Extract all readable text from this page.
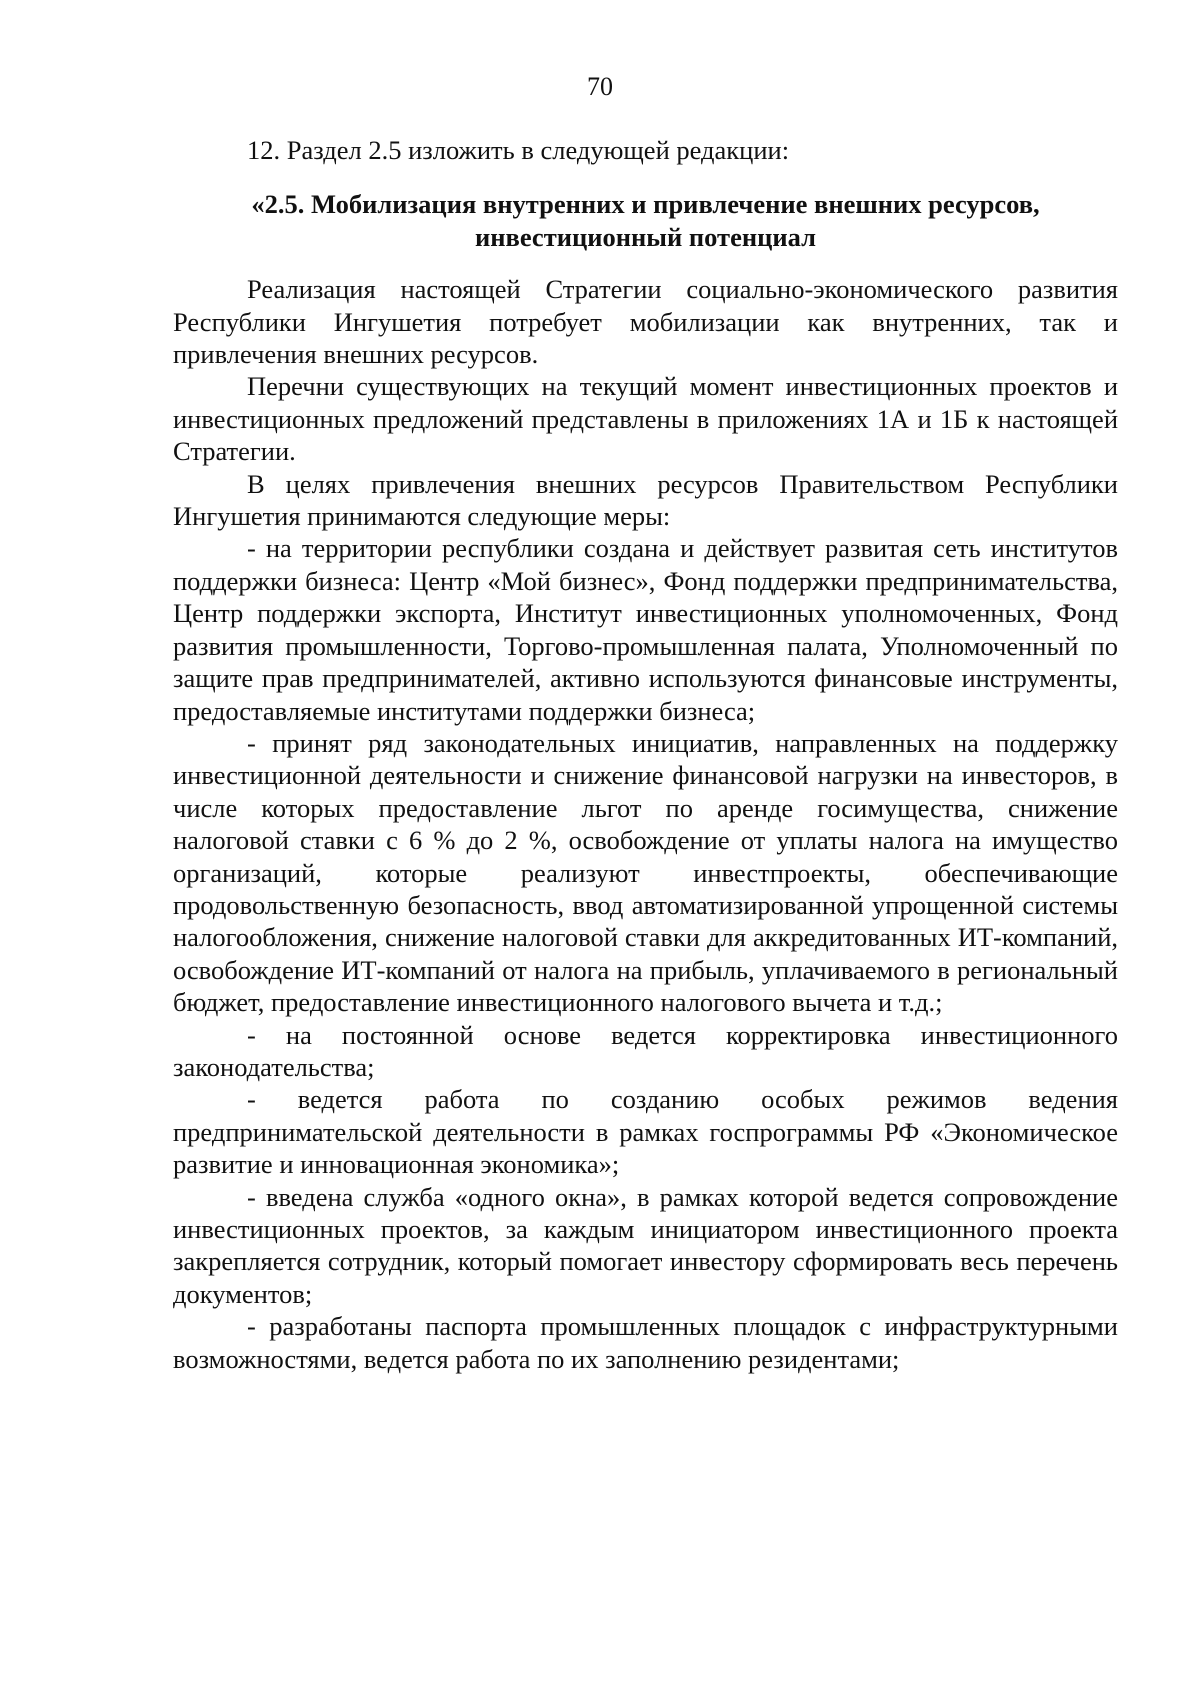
70

12. Раздел 2.5 изложить в следующей редакции:

«2.5. Мобилизация внутренних и привлечение внешних ресурсов,
инвестиционный потенциал

Реализация настоящей Стратегии социально-экономического развития Республики Ингушетия потребует мобилизации как внутренних, так и привлечения внешних ресурсов.

Перечни существующих на текущий момент инвестиционных проектов и инвестиционных предложений представлены в приложениях 1А и 1Б к настоящей Стратегии.

В целях привлечения внешних ресурсов Правительством Республики Ингушетия принимаются следующие меры:

- на территории республики создана и действует развитая сеть институтов поддержки бизнеса: Центр «Мой бизнес», Фонд поддержки предпринимательства, Центр поддержки экспорта, Институт инвестиционных уполномоченных, Фонд развития промышленности, Торгово-промышленная палата, Уполномоченный по защите прав предпринимателей, активно используются финансовые инструменты, предоставляемые институтами поддержки бизнеса;

- принят ряд законодательных инициатив, направленных на поддержку инвестиционной деятельности и снижение финансовой нагрузки на инвесторов, в числе которых предоставление льгот по аренде госимущества, снижение налоговой ставки с 6 % до 2 %, освобождение от уплаты налога на имущество организаций, которые реализуют инвестпроекты, обеспечивающие продовольственную безопасность, ввод автоматизированной упрощенной системы налогообложения, снижение налоговой ставки для аккредитованных ИТ-компаний, освобождение ИТ-компаний от налога на прибыль, уплачиваемого в региональный бюджет, предоставление инвестиционного налогового вычета и т.д.;

- на постоянной основе ведется корректировка инвестиционного законодательства;

- ведется работа по созданию особых режимов ведения предпринимательской деятельности в рамках госпрограммы РФ «Экономическое развитие и инновационная экономика»;

- введена служба «одного окна», в рамках которой ведется сопровождение инвестиционных проектов, за каждым инициатором инвестиционного проекта закрепляется сотрудник, который помогает инвестору сформировать весь перечень документов;

- разработаны паспорта промышленных площадок с инфраструктурными возможностями, ведется работа по их заполнению резидентами;
